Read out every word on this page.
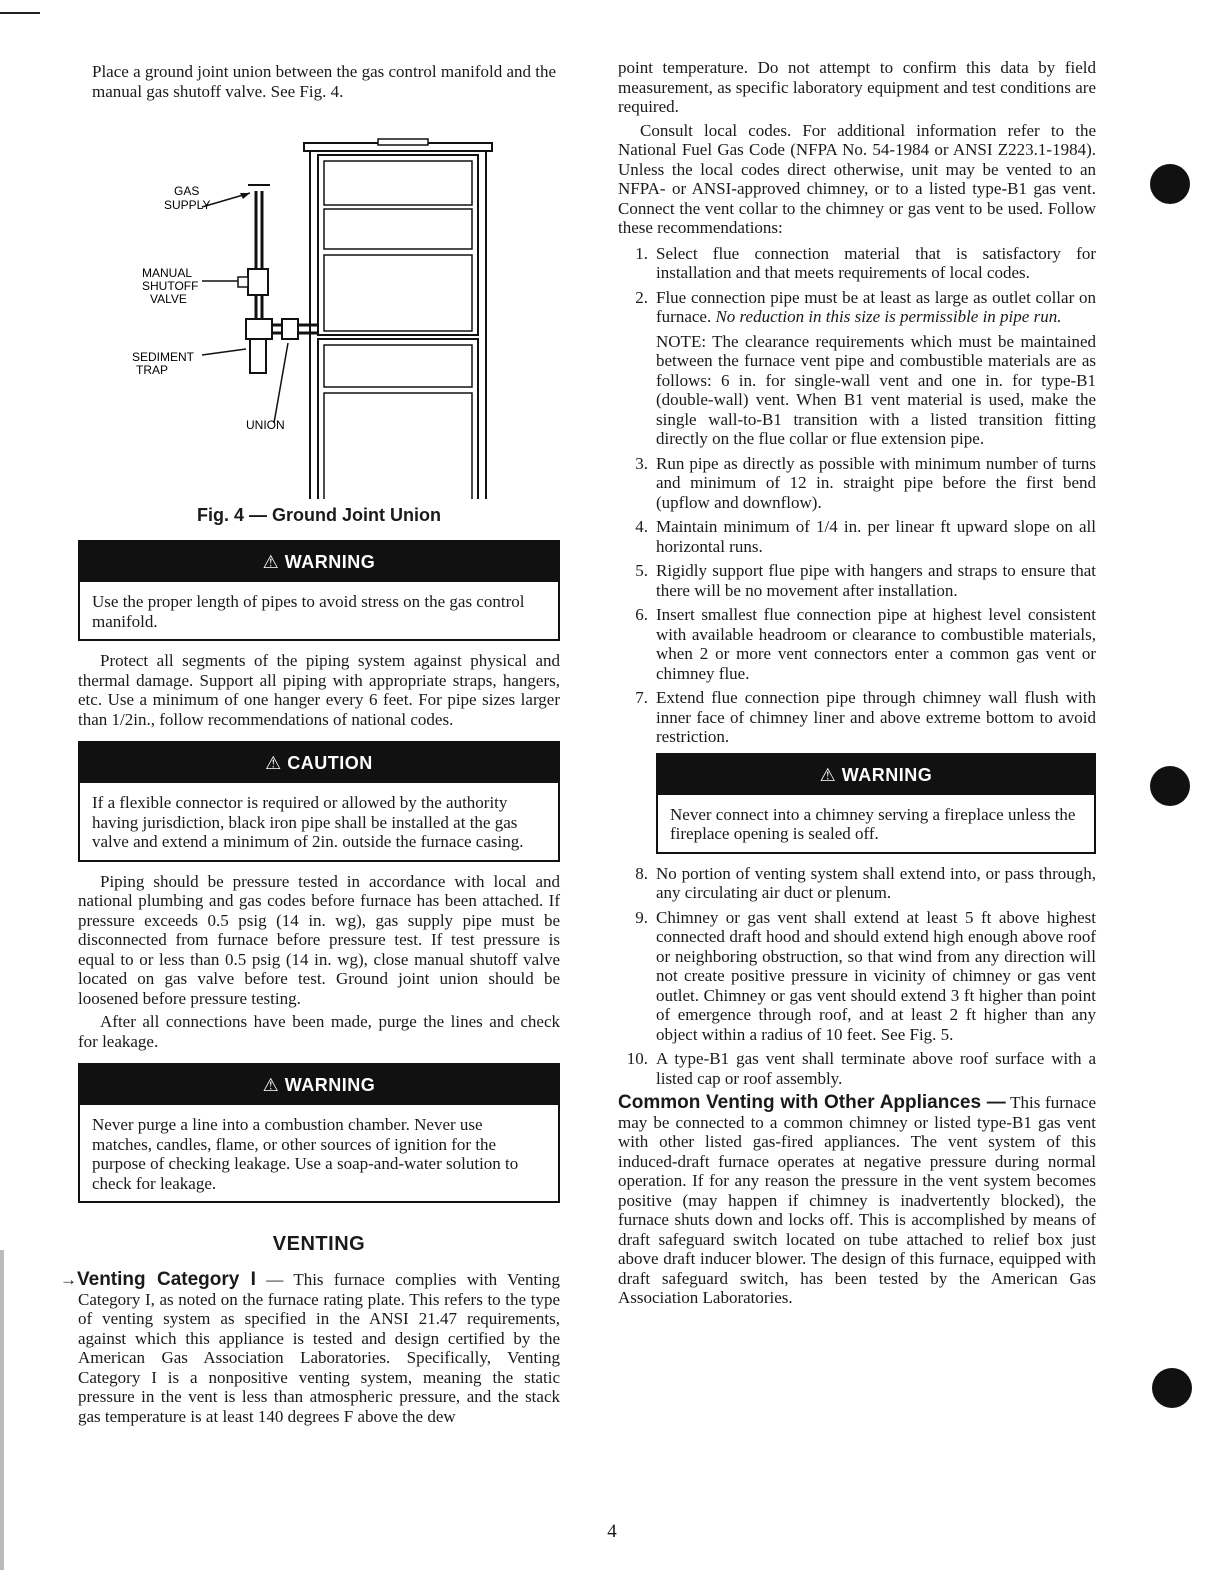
Place a ground joint union between the gas control manifold and the manual gas shutoff valve. See Fig. 4.

GAS
SUPPLY
MANUAL
SHUTOFF
VALVE
SEDIMENT
TRAP
UNION
Fig. 4 — Ground Joint Union
⚠ WARNING
Use the proper length of pipes to avoid stress on the gas control manifold.

Protect all segments of the piping system against physical and thermal damage. Support all piping with appropriate straps, hangers, etc. Use a minimum of one hanger every 6 feet. For pipe sizes larger than 1/2in., follow recommendations of national codes.

⚠ CAUTION
If a flexible connector is required or allowed by the authority having jurisdiction, black iron pipe shall be installed at the gas valve and extend a minimum of 2in. outside the furnace casing.

Piping should be pressure tested in accordance with local and national plumbing and gas codes before furnace has been attached. If pressure exceeds 0.5 psig (14 in. wg), gas supply pipe must be disconnected from furnace before pressure test. If test pressure is equal to or less than 0.5 psig (14 in. wg), close manual shutoff valve located on gas valve before test. Ground joint union should be loosened before pressure testing.

After all connections have been made, purge the lines and check for leakage.

⚠ WARNING
Never purge a line into a combustion chamber. Never use matches, candles, flame, or other sources of ignition for the purpose of checking leakage. Use a soap-and-water solution to check for leakage.
VENTING

→Venting Category I — This furnace complies with Venting Category I, as noted on the furnace rating plate. This refers to the type of venting system as specified in the ANSI 21.47 requirements, against which this appliance is tested and design certified by the American Gas Association Laboratories. Specifically, Venting Category I is a nonpositive venting system, meaning the static pressure in the vent is less than atmospheric pressure, and the stack gas temperature is at least 140 degrees F above the dew

point temperature. Do not attempt to confirm this data by field measurement, as specific laboratory equipment and test conditions are required.

Consult local codes. For additional information refer to the National Fuel Gas Code (NFPA No. 54-1984 or ANSI Z223.1-1984). Unless the local codes direct otherwise, unit may be vented to an NFPA- or ANSI-approved chimney, or to a listed type-B1 gas vent. Connect the vent collar to the chimney or gas vent to be used. Follow these recommendations:

1. Select flue connection material that is satisfactory for installation and that meets requirements of local codes.
2. Flue connection pipe must be at least as large as outlet collar on furnace. No reduction in this size is permissible in pipe run.

NOTE: The clearance requirements which must be maintained between the furnace vent pipe and combustible materials are as follows: 6 in. for single-wall vent and one in. for type-B1 (double-wall) vent. When B1 vent material is used, make the single wall-to-B1 transition with a listed transition fitting directly on the flue collar or flue extension pipe.

3. Run pipe as directly as possible with minimum number of turns and minimum of 12 in. straight pipe before the first bend (upflow and downflow).
4. Maintain minimum of 1/4 in. per linear ft upward slope on all horizontal runs.
5. Rigidly support flue pipe with hangers and straps to ensure that there will be no movement after installation.
6. Insert smallest flue connection pipe at highest level consistent with available headroom or clearance to combustible materials, when 2 or more vent connectors enter a common gas vent or chimney flue.
7. Extend flue connection pipe through chimney wall flush with inner face of chimney liner and above extreme bottom to avoid restriction.
⚠ WARNING
Never connect into a chimney serving a fireplace unless the fireplace opening is sealed off.
8. No portion of venting system shall extend into, or pass through, any circulating air duct or plenum.
9. Chimney or gas vent shall extend at least 5 ft above highest connected draft hood and should extend high enough above roof or neighboring obstruction, so that wind from any direction will not create positive pressure in vicinity of chimney or gas vent outlet. Chimney or gas vent should extend 3 ft higher than point of emergence through roof, and at least 2 ft higher than any object within a radius of 10 feet. See Fig. 5.
10. A type-B1 gas vent shall terminate above roof surface with a listed cap or roof assembly.

Common Venting with Other Appliances — This furnace may be connected to a common chimney or listed type-B1 gas vent with other listed gas-fired appliances. The vent system of this induced-draft furnace operates at negative pressure during normal operation. If for any reason the pressure in the vent system becomes positive (may happen if chimney is inadvertently blocked), the furnace shuts down and locks off. This is accomplished by means of draft safeguard switch located on tube attached to relief box just above draft inducer blower. The design of this furnace, equipped with draft safeguard switch, has been tested by the American Gas Association Laboratories.

4
